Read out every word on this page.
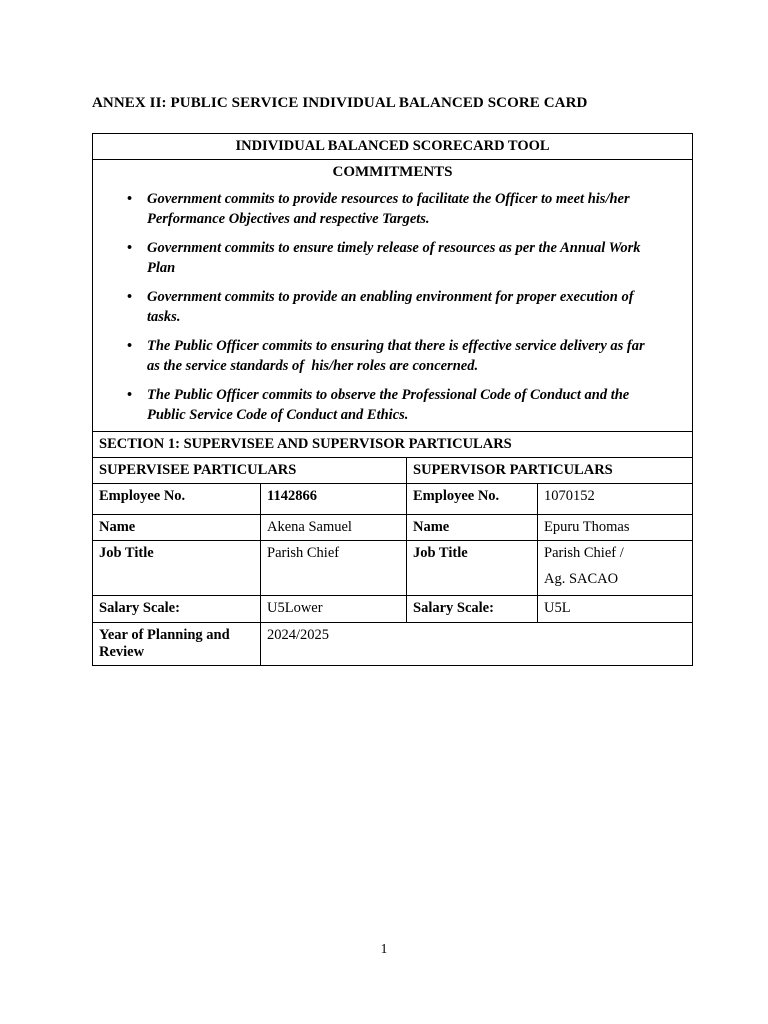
ANNEX II: PUBLIC SERVICE INDIVIDUAL BALANCED SCORE CARD
INDIVIDUAL BALANCED SCORECARD TOOL			

COMMITMENTS
• Government commits to provide resources to facilitate the Officer to meet his/her Performance Objectives and respective Targets.
• Government commits to ensure timely release of resources as per the Annual Work Plan
• Government commits to provide an enabling environment for proper execution of tasks.
• The Public Officer commits to ensuring that there is effective service delivery as far as the service standards of  his/her roles are concerned.
• The Public Officer commits to observe the Professional Code of Conduct and the Public Service Code of Conduct and Ethics.

SECTION 1: SUPERVISEE AND SUPERVISOR PARTICULARS			
SUPERVISEE PARTICULARS		SUPERVISOR PARTICULARS	
Employee No.	1142866	Employee No.	1070152
Name	Akena Samuel	Name	Epuru Thomas
Job Title	Parish Chief	Job Title	Parish Chief /
Ag. SACAO

Salary Scale:	U5Lower	Salary Scale:	U5L
Year of Planning and Review	2024/2025		
1
